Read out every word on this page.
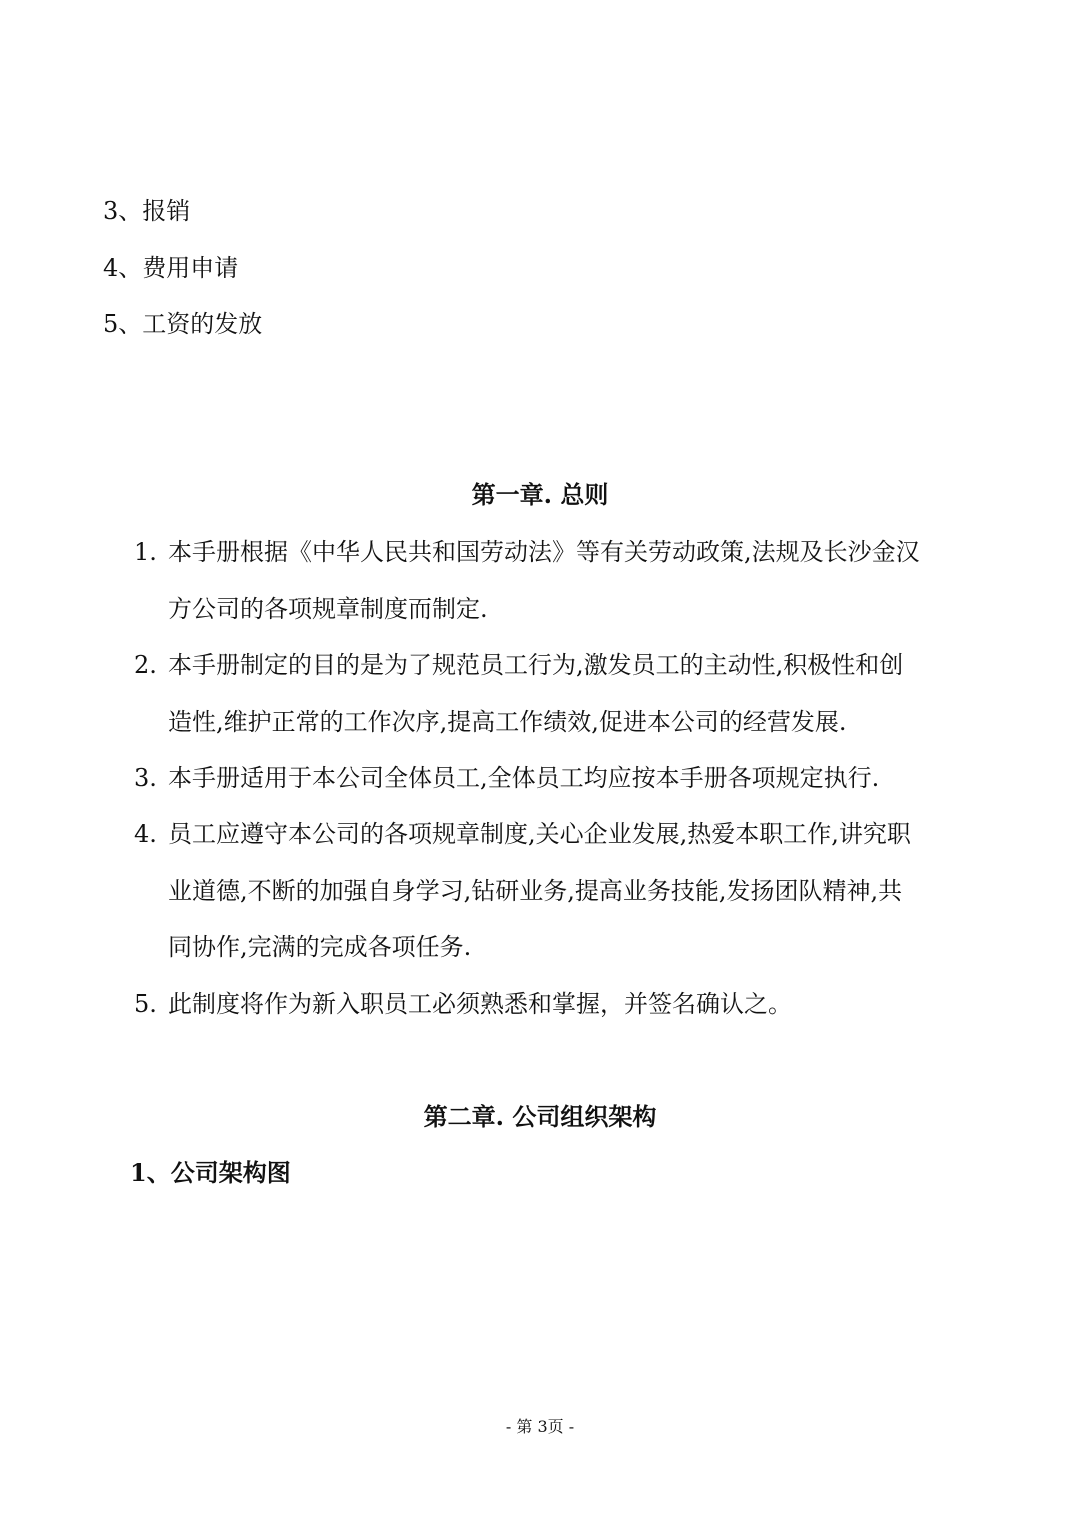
3、报销
4、费用申请
5、工资的发放
第一章. 总则
1. 本手册根据《中华人民共和国劳动法》等有关劳动政策,法规及长沙金汉
方公司的各项规章制度而制定.
2. 本手册制定的目的是为了规范员工行为,激发员工的主动性,积极性和创
造性,维护正常的工作次序,提高工作绩效,促进本公司的经营发展.
3. 本手册适用于本公司全体员工,全体员工均应按本手册各项规定执行.
4. 员工应遵守本公司的各项规章制度,关心企业发展,热爱本职工作,讲究职
业道德,不断的加强自身学习,钻研业务,提高业务技能,发扬团队精神,共
同协作,完满的完成各项任务.
5. 此制度将作为新入职员工必须熟悉和掌握，并签名确认之。
第二章. 公司组织架构
1、公司架构图
- 第 3页 -
